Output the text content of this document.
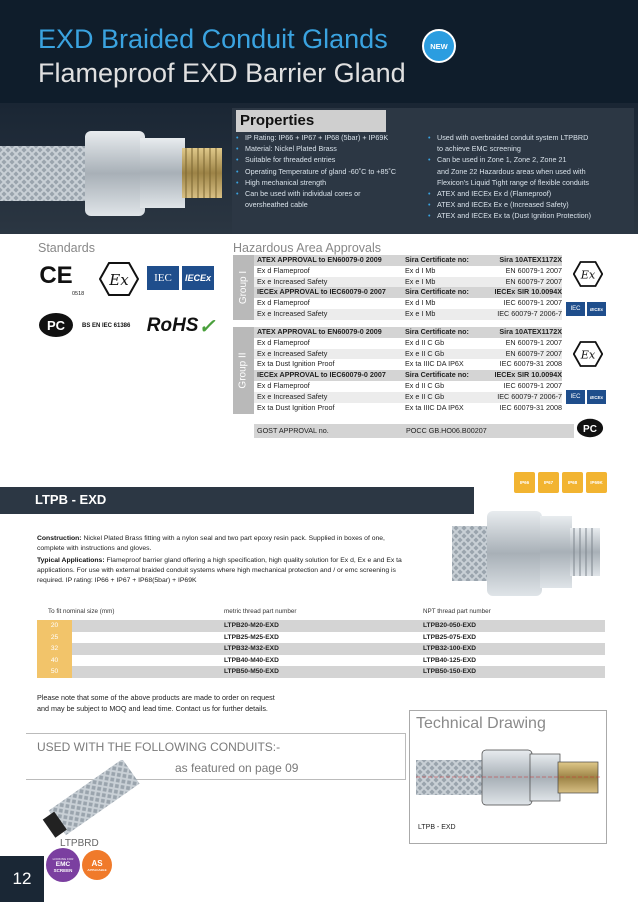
EXD Braided Conduit Glands
Flameproof EXD Barrier Gland
NEW
Properties
• IP Rating: IP66 + IP67 + IP68 (5bar) + IP69K
• Material: Nickel Plated Brass
• Suitable for threaded entries
• Operating Temperature of gland -60˚C to +85˚C
• High mechanical strength
• Can be used with individual cores or
oversheathed cable
• Used with overbraided conduit system LTPBRD
to achieve EMC screening
• Can be used in Zone 1, Zone 2, Zone 21
and Zone 22 Hazardous areas when used with
Flexicon's Liquid Tight range of flexible conduits
• ATEX and IECEx Ex d (Flameproof)
• ATEX and IECEx Ex e (Increased Safety)
• ATEX and IECEx Ex ta (Dust Ignition Protection)
Standards
CE
0518
Ex	IEC	IECEx
PC	BS EN IEC 61386 RoHS ✓
Hazardous Area Approvals
Group I
Group II
ATEX APPROVAL to EN60079-0 2009	Sira Certificate no:	Sira 10ATEX1172X
Ex d Flameproof	Ex d I Mb	EN 60079-1 2007
Ex e Increased Safety	Ex e I Mb	EN 60079-7 2007
IECEx APPROVAL to IEC60079-0 2007	Sira Certificate no:	IECEx SIR 10.0094X
Ex d Flameproof	Ex d I Mb	IEC 60079-1 2007
Ex e Increased Safety	Ex e I Mb	IEC 60079-7 2006-7
ATEX APPROVAL to EN60079-0 2009	Sira Certificate no:	Sira 10ATEX1172X
Ex d Flameproof	Ex d II C Gb	EN 60079-1 2007
Ex e Increased Safety	Ex e II C Gb	EN 60079-7 2007
Ex ta Dust Ignition Proof	Ex ta IIIC DA IP6X	IEC 60079-31 2008
IECEx APPROVAL to IEC60079-0 2007	Sira Certificate no:	IECEx SIR 10.0094X
Ex d Flameproof	Ex d II C Gb	IEC 60079-1 2007
Ex e Increased Safety	Ex e II C Gb	IEC 60079-7 2006-7
Ex ta Dust Ignition Proof	Ex ta IIIC DA IP6X	IEC 60079-31 2008
GOST APPROVAL no.	POCC GB.HO06.B00207
Ex
IEC	IECEx
Ex
IEC	IECEx
PC
IP66	IP67	IP68	IP69K
LTPB - EXD
Construction: Nickel Plated Brass fitting with a nylon seal and two part epoxy resin pack. Supplied in boxes of one,
complete with instructions and gloves.
Typical Applications: Flameproof barrier gland offering a high specification, high quality solution for Ex d, Ex e and Ex ta
applications. For use with external braided conduit systems where high mechanical protection and / or emc screening is
required. IP rating: IP66 + IP67 + IP68(5bar) + IP69K
To fit nominal size (mm)	metric thread part number	NPT thread part number
20	LTPB20-M20-EXD	LTPB20-050-EXD
25	LTPB25-M25-EXD	LTPB25-075-EXD
32	LTPB32-M32-EXD	LTPB32-100-EXD
40	LTPB40-M40-EXD	LTPB40-125-EXD
50	LTPB50-M50-EXD	LTPB50-150-EXD
Please note that some of the above products are made to order on request
and may be subject to MOQ and lead time. Contact us for further details.
USED WITH THE FOLLOWING CONDUITS:-
as featured on page 09
LTPBRD
LOOKING FOR
EMC
SCREEN
AS
APPLICABLE
Technical Drawing
LTPB - EXD
12
